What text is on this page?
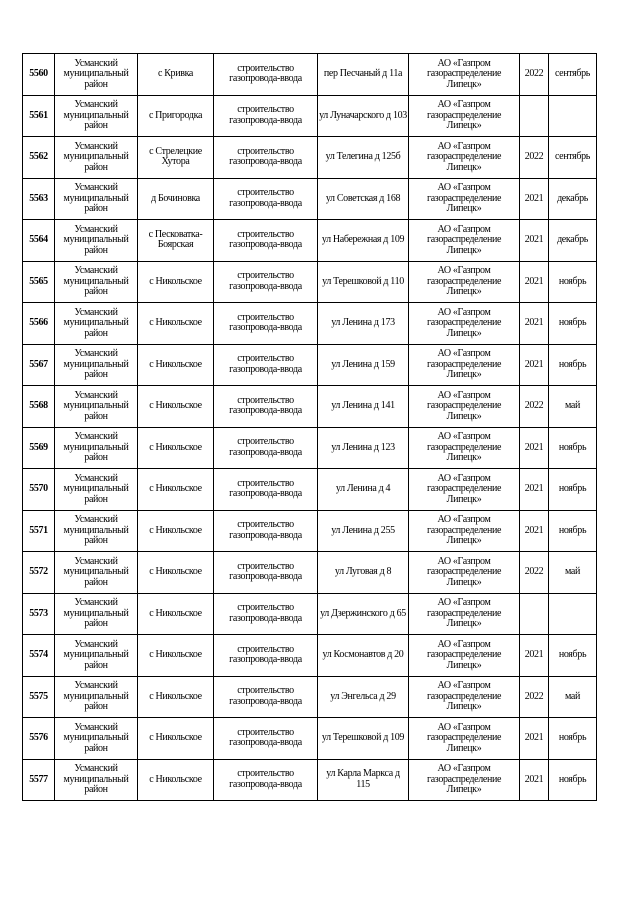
5560	Усманский муниципальный район	с Кривка	строительство газопровода-ввода	пер Песчаный д 11а	АО «Газпром газораспределение Липецк»	2022	сентябрь
5561	Усманский муниципальный район	с Пригородка	строительство газопровода-ввода	ул Луначарского д 103	АО «Газпром газораспределение Липецк»		
5562	Усманский муниципальный район	с Стрелецкие Хутора	строительство газопровода-ввода	ул Телегина д 125б	АО «Газпром газораспределение Липецк»	2022	сентябрь
5563	Усманский муниципальный район	д Бочиновка	строительство газопровода-ввода	ул Советская д 168	АО «Газпром газораспределение Липецк»	2021	декабрь
5564	Усманский муниципальный район	с Песковатка-Боярская	строительство газопровода-ввода	ул Набережная д 109	АО «Газпром газораспределение Липецк»	2021	декабрь
5565	Усманский муниципальный район	с Никольское	строительство газопровода-ввода	ул Терешковой д 110	АО «Газпром газораспределение Липецк»	2021	ноябрь
5566	Усманский муниципальный район	с Никольское	строительство газопровода-ввода	ул Ленина д 173	АО «Газпром газораспределение Липецк»	2021	ноябрь
5567	Усманский муниципальный район	с Никольское	строительство газопровода-ввода	ул Ленина д 159	АО «Газпром газораспределение Липецк»	2021	ноябрь
5568	Усманский муниципальный район	с Никольское	строительство газопровода-ввода	ул Ленина д 141	АО «Газпром газораспределение Липецк»	2022	май
5569	Усманский муниципальный район	с Никольское	строительство газопровода-ввода	ул Ленина д 123	АО «Газпром газораспределение Липецк»	2021	ноябрь
5570	Усманский муниципальный район	с Никольское	строительство газопровода-ввода	ул Ленина д 4	АО «Газпром газораспределение Липецк»	2021	ноябрь
5571	Усманский муниципальный район	с Никольское	строительство газопровода-ввода	ул Ленина д 255	АО «Газпром газораспределение Липецк»	2021	ноябрь
5572	Усманский муниципальный район	с Никольское	строительство газопровода-ввода	ул Луговая д 8	АО «Газпром газораспределение Липецк»	2022	май
5573	Усманский муниципальный район	с Никольское	строительство газопровода-ввода	ул Дзержинского д 65	АО «Газпром газораспределение Липецк»		
5574	Усманский муниципальный район	с Никольское	строительство газопровода-ввода	ул Космонавтов д 20	АО «Газпром газораспределение Липецк»	2021	ноябрь
5575	Усманский муниципальный район	с Никольское	строительство газопровода-ввода	ул Энгельса д 29	АО «Газпром газораспределение Липецк»	2022	май
5576	Усманский муниципальный район	с Никольское	строительство газопровода-ввода	ул Терешковой д 109	АО «Газпром газораспределение Липецк»	2021	ноябрь
5577	Усманский муниципальный район	с Никольское	строительство газопровода-ввода	ул Карла Маркса д 115	АО «Газпром газораспределение Липецк»	2021	ноябрь
